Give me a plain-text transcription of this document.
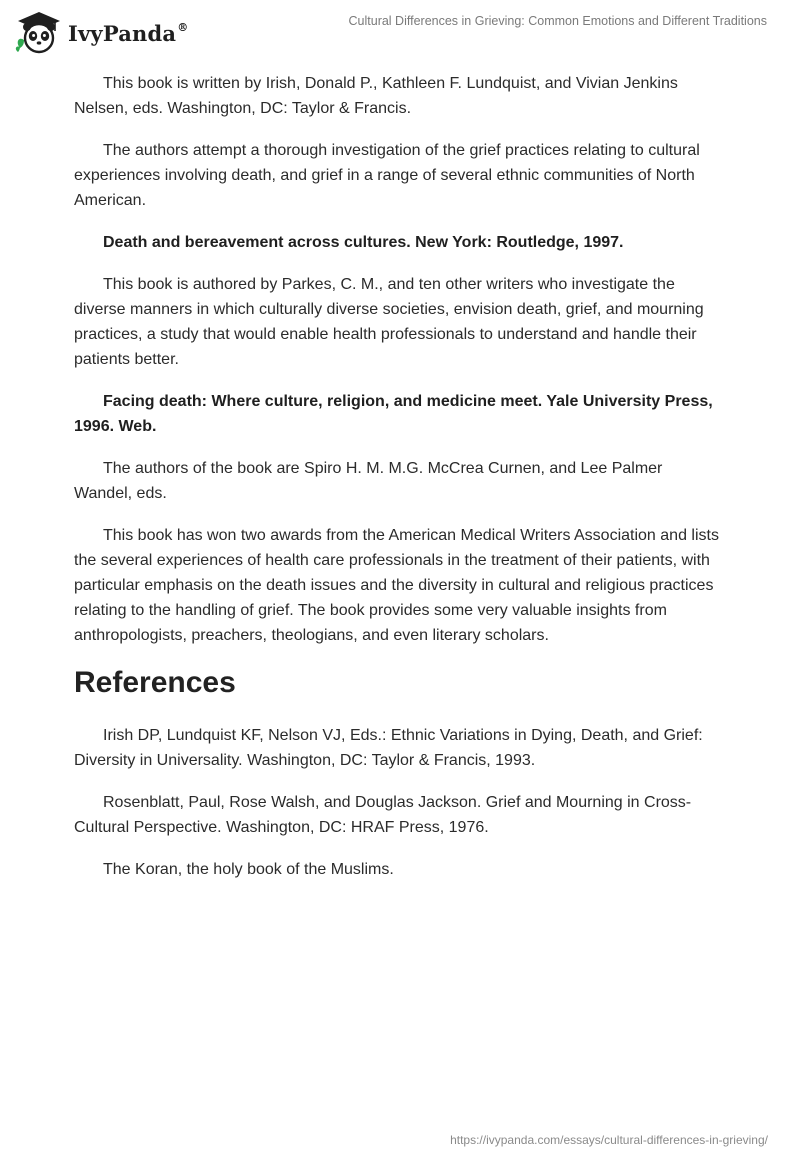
IvyPanda®	Cultural Differences in Grieving: Common Emotions and Different Traditions

This book is written by Irish, Donald P., Kathleen F. Lundquist, and Vivian Jenkins Nelsen, eds. Washington, DC: Taylor & Francis.

The authors attempt a thorough investigation of the grief practices relating to cultural experiences involving death, and grief in a range of several ethnic communities of North American.

Death and bereavement across cultures. New York: Routledge, 1997.

This book is authored by Parkes, C. M., and ten other writers who investigate the diverse manners in which culturally diverse societies, envision death, grief, and mourning practices, a study that would enable health professionals to understand and handle their patients better.

Facing death: Where culture, religion, and medicine meet. Yale University Press, 1996. Web.

The authors of the book are Spiro H. M. M.G. McCrea Curnen, and Lee Palmer Wandel, eds.

This book has won two awards from the American Medical Writers Association and lists the several experiences of health care professionals in the treatment of their patients, with particular emphasis on the death issues and the diversity in cultural and religious practices relating to the handling of grief. The book provides some very valuable insights from anthropologists, preachers, theologians, and even literary scholars.

References

Irish DP, Lundquist KF, Nelson VJ, Eds.: Ethnic Variations in Dying, Death, and Grief: Diversity in Universality. Washington, DC: Taylor & Francis, 1993.

Rosenblatt, Paul, Rose Walsh, and Douglas Jackson. Grief and Mourning in Cross-Cultural Perspective. Washington, DC: HRAF Press, 1976.

The Koran, the holy book of the Muslims.

https://ivypanda.com/essays/cultural-differences-in-grieving/
